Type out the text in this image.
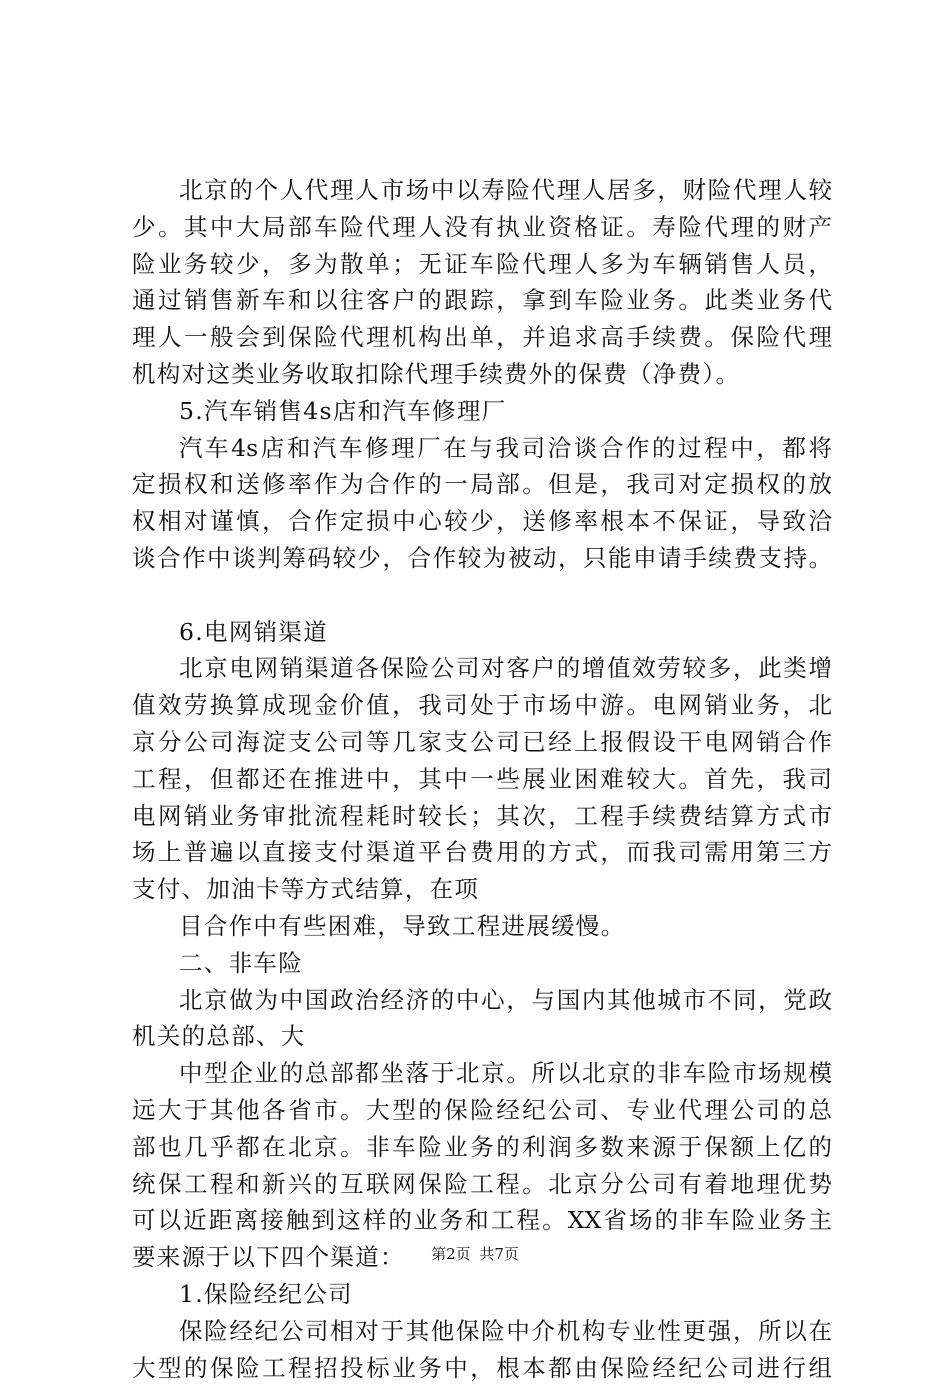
北京的个人代理人市场中以寿险代理人居多，财险代理人较
少。其中大局部车险代理人没有执业资格证。寿险代理的财产
险业务较少，多为散单；无证车险代理人多为车辆销售人员，
通过销售新车和以往客户的跟踪，拿到车险业务。此类业务代
理人一般会到保险代理机构出单，并追求高手续费。保险代理
机构对这类业务收取扣除代理手续费外的保费（净费）。
5.汽车销售4s店和汽车修理厂
汽车4s店和汽车修理厂在与我司洽谈合作的过程中，都将
定损权和送修率作为合作的一局部。但是，我司对定损权的放
权相对谨慎，合作定损中心较少，送修率根本不保证，导致洽
谈合作中谈判筹码较少，合作较为被动，只能申请手续费支持。
6.电网销渠道
北京电网销渠道各保险公司对客户的增值效劳较多，此类增
值效劳换算成现金价值，我司处于市场中游。电网销业务，北
京分公司海淀支公司等几家支公司已经上报假设干电网销合作
工程，但都还在推进中，其中一些展业困难较大。首先，我司
电网销业务审批流程耗时较长；其次，工程手续费结算方式市
场上普遍以直接支付渠道平台费用的方式，而我司需用第三方
支付、加油卡等方式结算，在项
目合作中有些困难，导致工程进展缓慢。
二、非车险
北京做为中国政治经济的中心，与国内其他城市不同，党政
机关的总部、大
中型企业的总部都坐落于北京。所以北京的非车险市场规模
远大于其他各省市。大型的保险经纪公司、专业代理公司的总
部也几乎都在北京。非车险业务的利润多数来源于保额上亿的
统保工程和新兴的互联网保险工程。北京分公司有着地理优势
可以近距离接触到这样的业务和工程。XX省场的非车险业务主
要来源于以下四个渠道：
1.保险经纪公司
保险经纪公司相对于其他保险中介机构专业性更强，所以在
大型的保险工程招投标业务中，根本都由保险经纪公司进行组
第2页 共7页
